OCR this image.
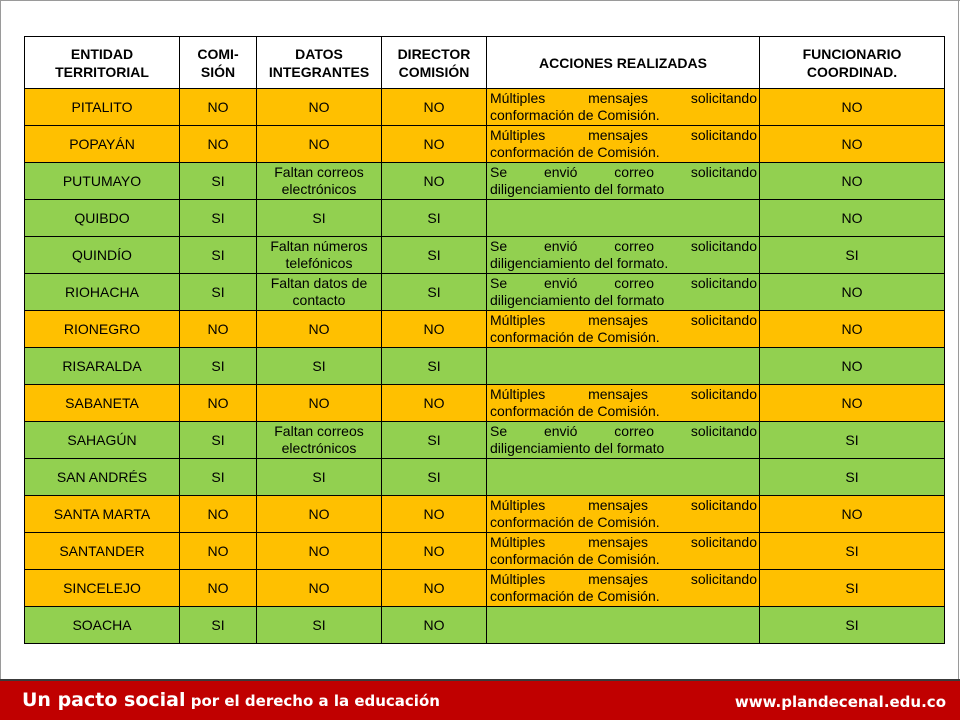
ENTIDAD TERRITORIAL	COMI-SIÓN	DATOS INTEGRANTES	DIRECTOR COMISIÓN	ACCIONES REALIZADAS	FUNCIONARIO COORDINAD.
PITALITO	NO	NO	NO	Múltiples mensajes solicitando conformación de Comisión.	NO
POPAYÁN	NO	NO	NO	Múltiples mensajes solicitando conformación de Comisión.	NO
PUTUMAYO	SI	Faltan correos electrónicos	NO	Se envió correo solicitando diligenciamiento del formato	NO
QUIBDO	SI	SI	SI		NO
QUINDÍO	SI	Faltan números telefónicos	SI	Se envió correo solicitando diligenciamiento del formato.	SI
RIOHACHA	SI	Faltan datos de contacto	SI	Se envió correo solicitando diligenciamiento del formato	NO
RIONEGRO	NO	NO	NO	Múltiples mensajes solicitando conformación de Comisión.	NO
RISARALDA	SI	SI	SI		NO
SABANETA	NO	NO	NO	Múltiples mensajes solicitando conformación de Comisión.	NO
SAHAGÚN	SI	Faltan correos electrónicos	SI	Se envió correo solicitando diligenciamiento del formato	SI
SAN ANDRÉS	SI	SI	SI		SI
SANTA MARTA	NO	NO	NO	Múltiples mensajes solicitando conformación de Comisión.	NO
SANTANDER	NO	NO	NO	Múltiples mensajes solicitando conformación de Comisión.	SI
SINCELEJO	NO	NO	NO	Múltiples mensajes solicitando conformación de Comisión.	SI
SOACHA	SI	SI	NO		SI
Un pacto social por el derecho a la educación	www.plandecenal.edu.co
